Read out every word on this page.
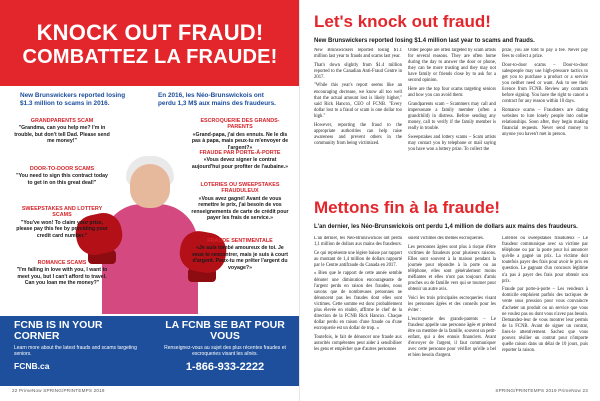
KNOCK OUT FRAUD!
COMBATTEZ LA FRAUDE!
New Brunswickers reported losing $1.3 million to scams in 2016.
En 2016, les Néo-Brunswickois ont perdu 1,3 M$ aux mains des fraudeurs.
GRANDPARENTS SCAM
"Grandma, can you help me? I'm in trouble, but don't tell Dad. Please send me money!"
DOOR-TO-DOOR SCAMS
"You need to sign this contract today to get in on this great deal!"
SWEEPSTAKES AND LOTTERY SCAMS
"You've won! To claim your prize, please pay this fee by providing your credit card number."
ROMANCE SCAMS
"I'm falling in love with you, I want to meet you, but I can't afford to travel. Can you loan me the money?"
ESCROQUERIE DES GRANDS-PARENTS
«Grand-papa, j'ai des ennuis. Ne le dis pas à papa, mais peux-tu m'envoyer de l'argent?»
FRAUDE PAR PORTE-À-PORTE
«Vous devez signer le contrat aujourd'hui pour profiter de l'aubaine.»
LOTERIES OU SWEEPSTAKES FRAUDULEUX
«Vous avez gagné! Avant de vous remettre le prix, j'ai besoin de vos renseignements de carte de crédit pour payer les frais de service.»
FRAUDE SENTIMENTALE
«Je suis tombé amoureux de toi. Je veux te rencontrer, mais je suis à court d'argent. Peux-tu me prêter l'argent du voyage?»
FCNB IS IN YOUR CORNER
Learn more about the latest frauds and scams targeting seniors.
FCNB.ca
LA FCNB SE BAT POUR VOUS
Renseignez-vous au sujet des plus récentes fraudes et escroqueries visant les aînés.
1-866-933-2222
22 PrimeNow SPRING/PRINTEMPS 2019
Let's knock out fraud!
New Brunswickers reported losing $1.4 million last year to scams and frauds.

New Brunswickers reported losing $1.1 million last year to frauds and scams last year.

That's down slightly from $1.4 million reported to the Canadian Anti-Fraud Centre in 2017.

"While this year's report seems like an encouraging decrease, we know all too well that the actual amount lost is likely higher," said Rick Hancox, CEO of FCNB. "Every dollar lost to a fraud or scam is one dollar too high."

However, reporting the fraud to the appropriate authorities can help raise awareness and prevent others in the community from being victimized.

Older people are often targeted by scam artists for several reasons. They are often home during the day to answer the door or phone, they can be more trusting and they may not have family or friends close by to ask for a second opinion.

Here are the top four scams targeting seniors and how you can avoid them:

Grandparents scam – Scammers may call and impersonate a family member (often a grandchild) in distress. Before sending any money, call to verify if the family member is really in trouble.

Sweepstakes and lottery scams – Scam artists may contact you by telephone or mail saying you have won a lottery prize. To collect the

prize, you are told to pay a fee. Never pay fees to collect a prize.

Door-to-door scams – Door-to-door salespeople may use high-pressure tactics to get you to purchase a product or a service you neither need or want. Ask to see their licence from FCNB. Review any contracts before signing. You have the right to cancel a contract for any reason within 10 days.

Romance scams – Fraudsters are dating websites to lure lonely people into online relationships. Soon after, they begin making financial requests. Never send money to anyone you haven't met in person.

Mettons fin à la fraude!
L'an dernier, les Néo-Brunswickois ont perdu 1,4 million de dollars aux mains des fraudeurs.

L'an dernier, les Néo-Brunswickois ont perdu 1,1 million de dollars aux mains des fraudeurs.

Ce qui représente une légère baisse par rapport au montant de 1,4 million de dollars rapporté par le Centre antifraude du Canada en 2017.

« Bien que le rapport de cette année semble dénoter une diminution encourageante de l'argent perdu en raison des fraudes, nous savons que de nombreuses personnes ne dénoncent pas les fraudes dont elles sont victimes. Cette somme est donc probablement plus élevée en réalité, affirme le chef de la direction de la FCNB Rick Hancox. Chaque dollar perdu en raison d'une fraude ou d'une escroquerie est un dollar de trop. »

Toutefois, le fait de dénoncer une fraude aux autorités compétentes peut aider à sensibiliser les gens et empêcher que d'autres personnes

soient victimes des mêmes escroqueries.

Les personnes âgées sont plus à risque d'être victimes de fraudeurs pour plusieurs raisons. Elles sont souvent à la maison pendant la journée pour répondre à la porte ou au téléphone, elles sont généralement moins méfiantes et elles n'ont pas toujours d'amis proches ou de famille vers qui se tourner pour obtenir un autre avis.

Voici les trois principales escroqueries visant les personnes âgées et des conseils pour les éviter :

L'escroquerie des grands-parents – Le fraudeur appelle une personne âgée et prétend être un membre de la famille, souvent un petit-enfant, qui a des ennuis financiers. Avant d'envoyer de l'argent, il faut communiquer avec cette personne pour vérifier qu'elle a bel et bien besoin d'argent.

Loteries ou sweepstakes frauduleux – Le fraudeur communique avec sa victime par téléphone ou par la poste pour lui annoncer qu'elle a gagné un prix. La victime doit toutefois payer des frais pour avoir le prix en question. Le gagnant d'un concours légitime n'a pas à payer des frais pour obtenir son prix.

Fraude par porte-à-porte – Les vendeurs à domicile emploient parfois des tactiques de vente sous pression pour vous convaincre d'acheter un produit ou un service que vous ne voulez pas ou dont vous n'avez pas besoin. Demandez-leur de vous montrer leur permis de la FCNB. Avant de signer un contrat, lisez-le attentivement. Sachez que vous pouvez résilier un contrat pour n'importe quelle raison dans un délai de 10 jours, puis reporter la raison.

SPRING/PRINTEMPS 2019 PrimeNow 23
